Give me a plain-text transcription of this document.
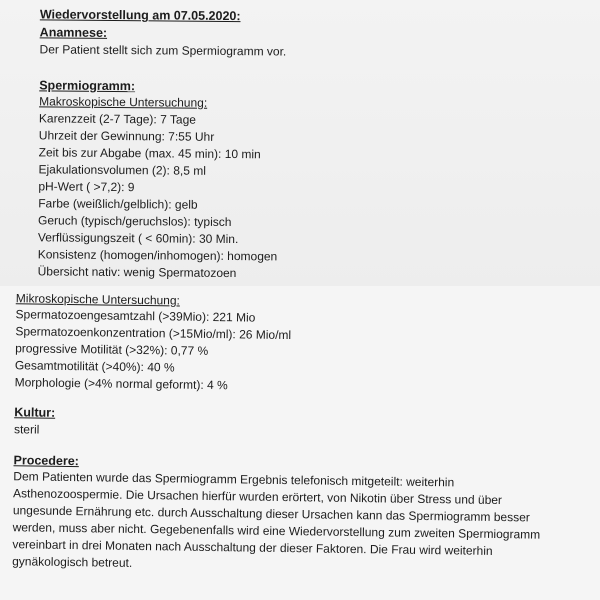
Wiedervorstellung am 07.05.2020:
Anamnese:
Der Patient stellt sich zum Spermiogramm vor.
Spermiogramm:
Makroskopische Untersuchung:
Karenzzeit (2-7 Tage): 7 Tage
Uhrzeit der Gewinnung: 7:55 Uhr
Zeit bis zur Abgabe (max. 45 min): 10 min
Ejakulationsvolumen (2): 8,5 ml
pH-Wert ( >7,2): 9
Farbe (weißlich/gelblich): gelb
Geruch (typisch/geruchslos): typisch
Verflüssigungszeit ( < 60min): 30 Min.
Konsistenz (homogen/inhomogen): homogen
Übersicht nativ: wenig Spermatozoen
Mikroskopische Untersuchung:
Spermatozoengesamtzahl (>39Mio): 221 Mio
Spermatozoenkonzentration (>15Mio/ml): 26 Mio/ml
progressive Motilität (>32%): 0,77 %
Gesamtmotilität (>40%): 40 %
Morphologie (>4% normal geformt): 4 %
Kultur:
steril
Procedere:
Dem Patienten wurde das Spermiogramm Ergebnis telefonisch mitgeteilt: weiterhin
Asthenozoospermie. Die Ursachen hierfür wurden erörtert, von Nikotin über Stress und über
ungesunde Ernährung etc. durch Ausschaltung dieser Ursachen kann das Spermiogramm besser
werden, muss aber nicht. Gegebenenfalls wird eine Wiedervorstellung zum zweiten Spermiogramm
vereinbart in drei Monaten nach Ausschaltung der dieser Faktoren. Die Frau wird weiterhin
gynäkologisch betreut.
